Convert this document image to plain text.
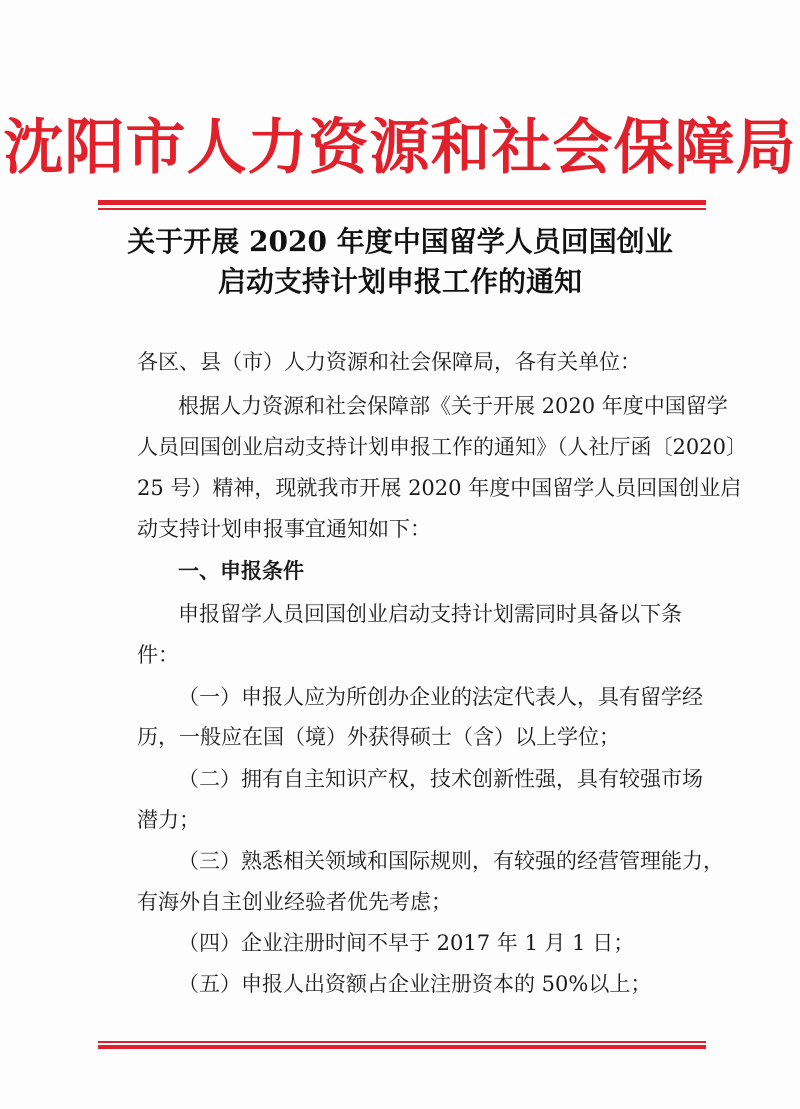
沈阳市人力资源和社会保障局
关于开展 2020 年度中国留学人员回国创业
启动支持计划申报工作的通知
各区、县（市）人力资源和社会保障局，各有关单位：
根据人力资源和社会保障部《关于开展 2020 年度中国留学
人员回国创业启动支持计划申报工作的通知》（人社厅函〔2020〕
25 号）精神，现就我市开展 2020 年度中国留学人员回国创业启
动支持计划申报事宜通知如下：
一、申报条件
申报留学人员回国创业启动支持计划需同时具备以下条
件：
（一）申报人应为所创办企业的法定代表人，具有留学经
历，一般应在国（境）外获得硕士（含）以上学位；
（二）拥有自主知识产权，技术创新性强，具有较强市场
潜力；
（三）熟悉相关领域和国际规则，有较强的经营管理能力，
有海外自主创业经验者优先考虑；
（四）企业注册时间不早于 2017 年 1 月 1 日；
（五）申报人出资额占企业注册资本的 50%以上；
